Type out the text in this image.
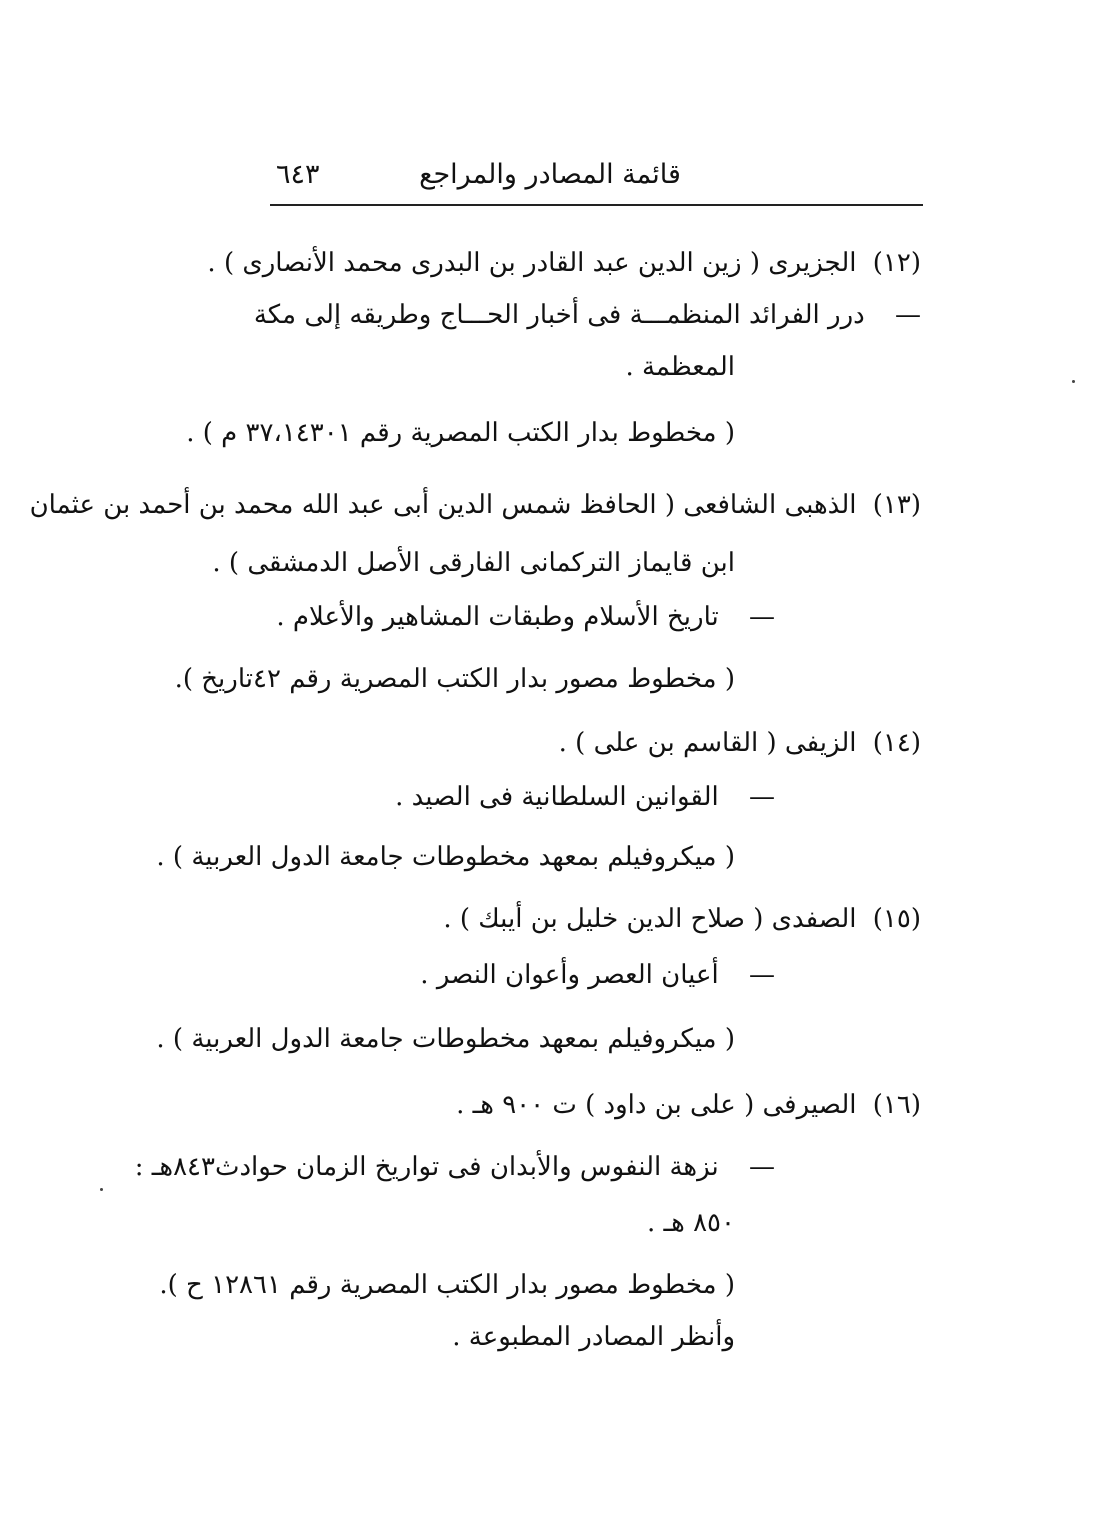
٦٤٣	قائمة المصادر والمراجع
(١٢) الجزيرى ( زين الدين عبد القادر بن البدرى محمد الأنصارى ) .
— درر الفرائد المنظمـــة فى أخبار الحـــاج وطريقه إلى مكة
المعظمة .
( مخطوط بدار الكتب المصرية رقم ٣٧،١٤٣٠١ م ) .
(١٣) الذهبى الشافعى ( الحافظ شمس الدين أبى عبد الله محمد بن أحمد بن عثمان
ابن قايماز التركمانى الفارقى الأصل الدمشقى ) .
— تاريخ الأسلام وطبقات المشاهير والأعلام .
( مخطوط مصور بدار الكتب المصرية رقم ٤٢تاريخ ).
(١٤) الزيفى ( القاسم بن على ) .
— القوانين السلطانية فى الصيد .
( ميكروفيلم بمعهد مخطوطات جامعة الدول العربية ) .
(١٥) الصفدى ( صلاح الدين خليل بن أيبك ) .
— أعيان العصر وأعوان النصر .
( ميكروفيلم بمعهد مخطوطات جامعة الدول العربية ) .
(١٦) الصيرفى ( على بن داود ) ت ٩٠٠ هـ .
— نزهة النفوس والأبدان فى تواريخ الزمان حوادث٨٤٣هـ :
٨٥٠ هـ .
( مخطوط مصور بدار الكتب المصرية رقم ١٢٨٦١ ح ).
وأنظر المصادر المطبوعة .
